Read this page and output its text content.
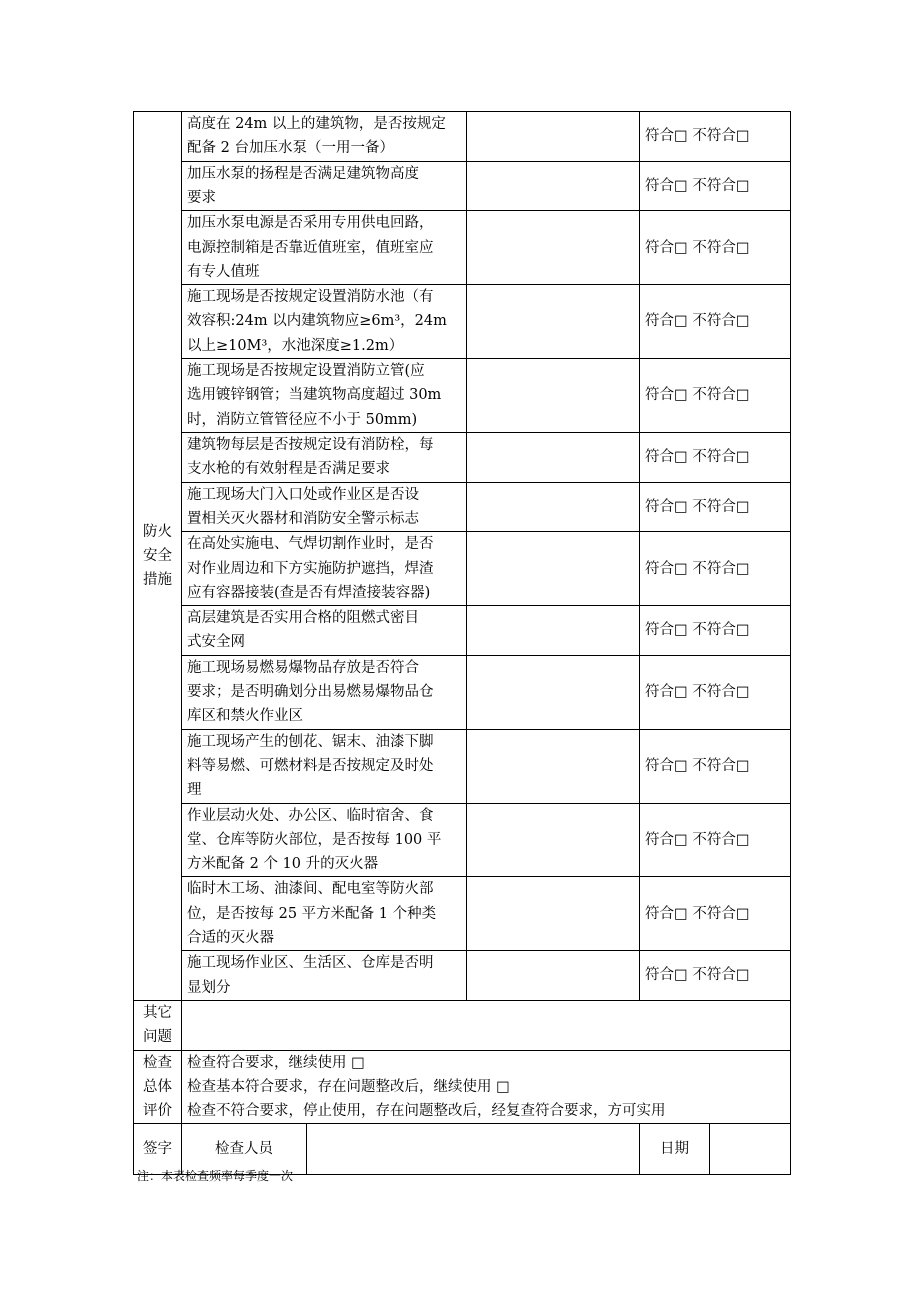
防火
安全
措施	高度在 24m 以上的建筑物，是否按规定
配备 2 台加压水泵（一用一备）			符合□ 不符合□	
	加压水泵的扬程是否满足建筑物高度
要求			符合□ 不符合□	
	加压水泵电源是否采用专用供电回路，
电源控制箱是否靠近值班室，值班室应
有专人值班			符合□ 不符合□	
	施工现场是否按规定设置消防水池（有
效容积:24m 以内建筑物应≥6m³，24m
以上≥10M³，水池深度≥1.2m）			符合□ 不符合□	
	施工现场是否按规定设置消防立管(应
选用镀锌钢管；当建筑物高度超过 30m
时，消防立管管径应不小于 50mm)			符合□ 不符合□	
	建筑物每层是否按规定设有消防栓，每
支水枪的有效射程是否满足要求			符合□ 不符合□	
	施工现场大门入口处或作业区是否设
置相关灭火器材和消防安全警示标志			符合□ 不符合□	
	在高处实施电、气焊切割作业时，是否
对作业周边和下方实施防护遮挡，焊渣
应有容器接装(查是否有焊渣接装容器)			符合□ 不符合□	
	高层建筑是否实用合格的阻燃式密目
式安全网			符合□ 不符合□	
	施工现场易燃易爆物品存放是否符合
要求；是否明确划分出易燃易爆物品仓
库区和禁火作业区			符合□ 不符合□	
	施工现场产生的刨花、锯末、油漆下脚
料等易燃、可燃材料是否按规定及时处
理			符合□ 不符合□	
	作业层动火处、办公区、临时宿舍、食
堂、仓库等防火部位，是否按每 100 平
方米配备 2 个 10 升的灭火器			符合□ 不符合□	
	临时木工场、油漆间、配电室等防火部
位，是否按每 25 平方米配备 1 个种类
合适的灭火器			符合□ 不符合□	
	施工现场作业区、生活区、仓库是否明
显划分			符合□ 不符合□	

其它
问题					

检查
总体
评价	检查符合要求，继续使用 □
检查基本符合要求，存在问题整改后，继续使用 □
检查不符合要求，停止使用，存在问题整改后，经复查符合要求，方可实用				

签字	检查人员			日期	
注：本表检查频率每季度一次
